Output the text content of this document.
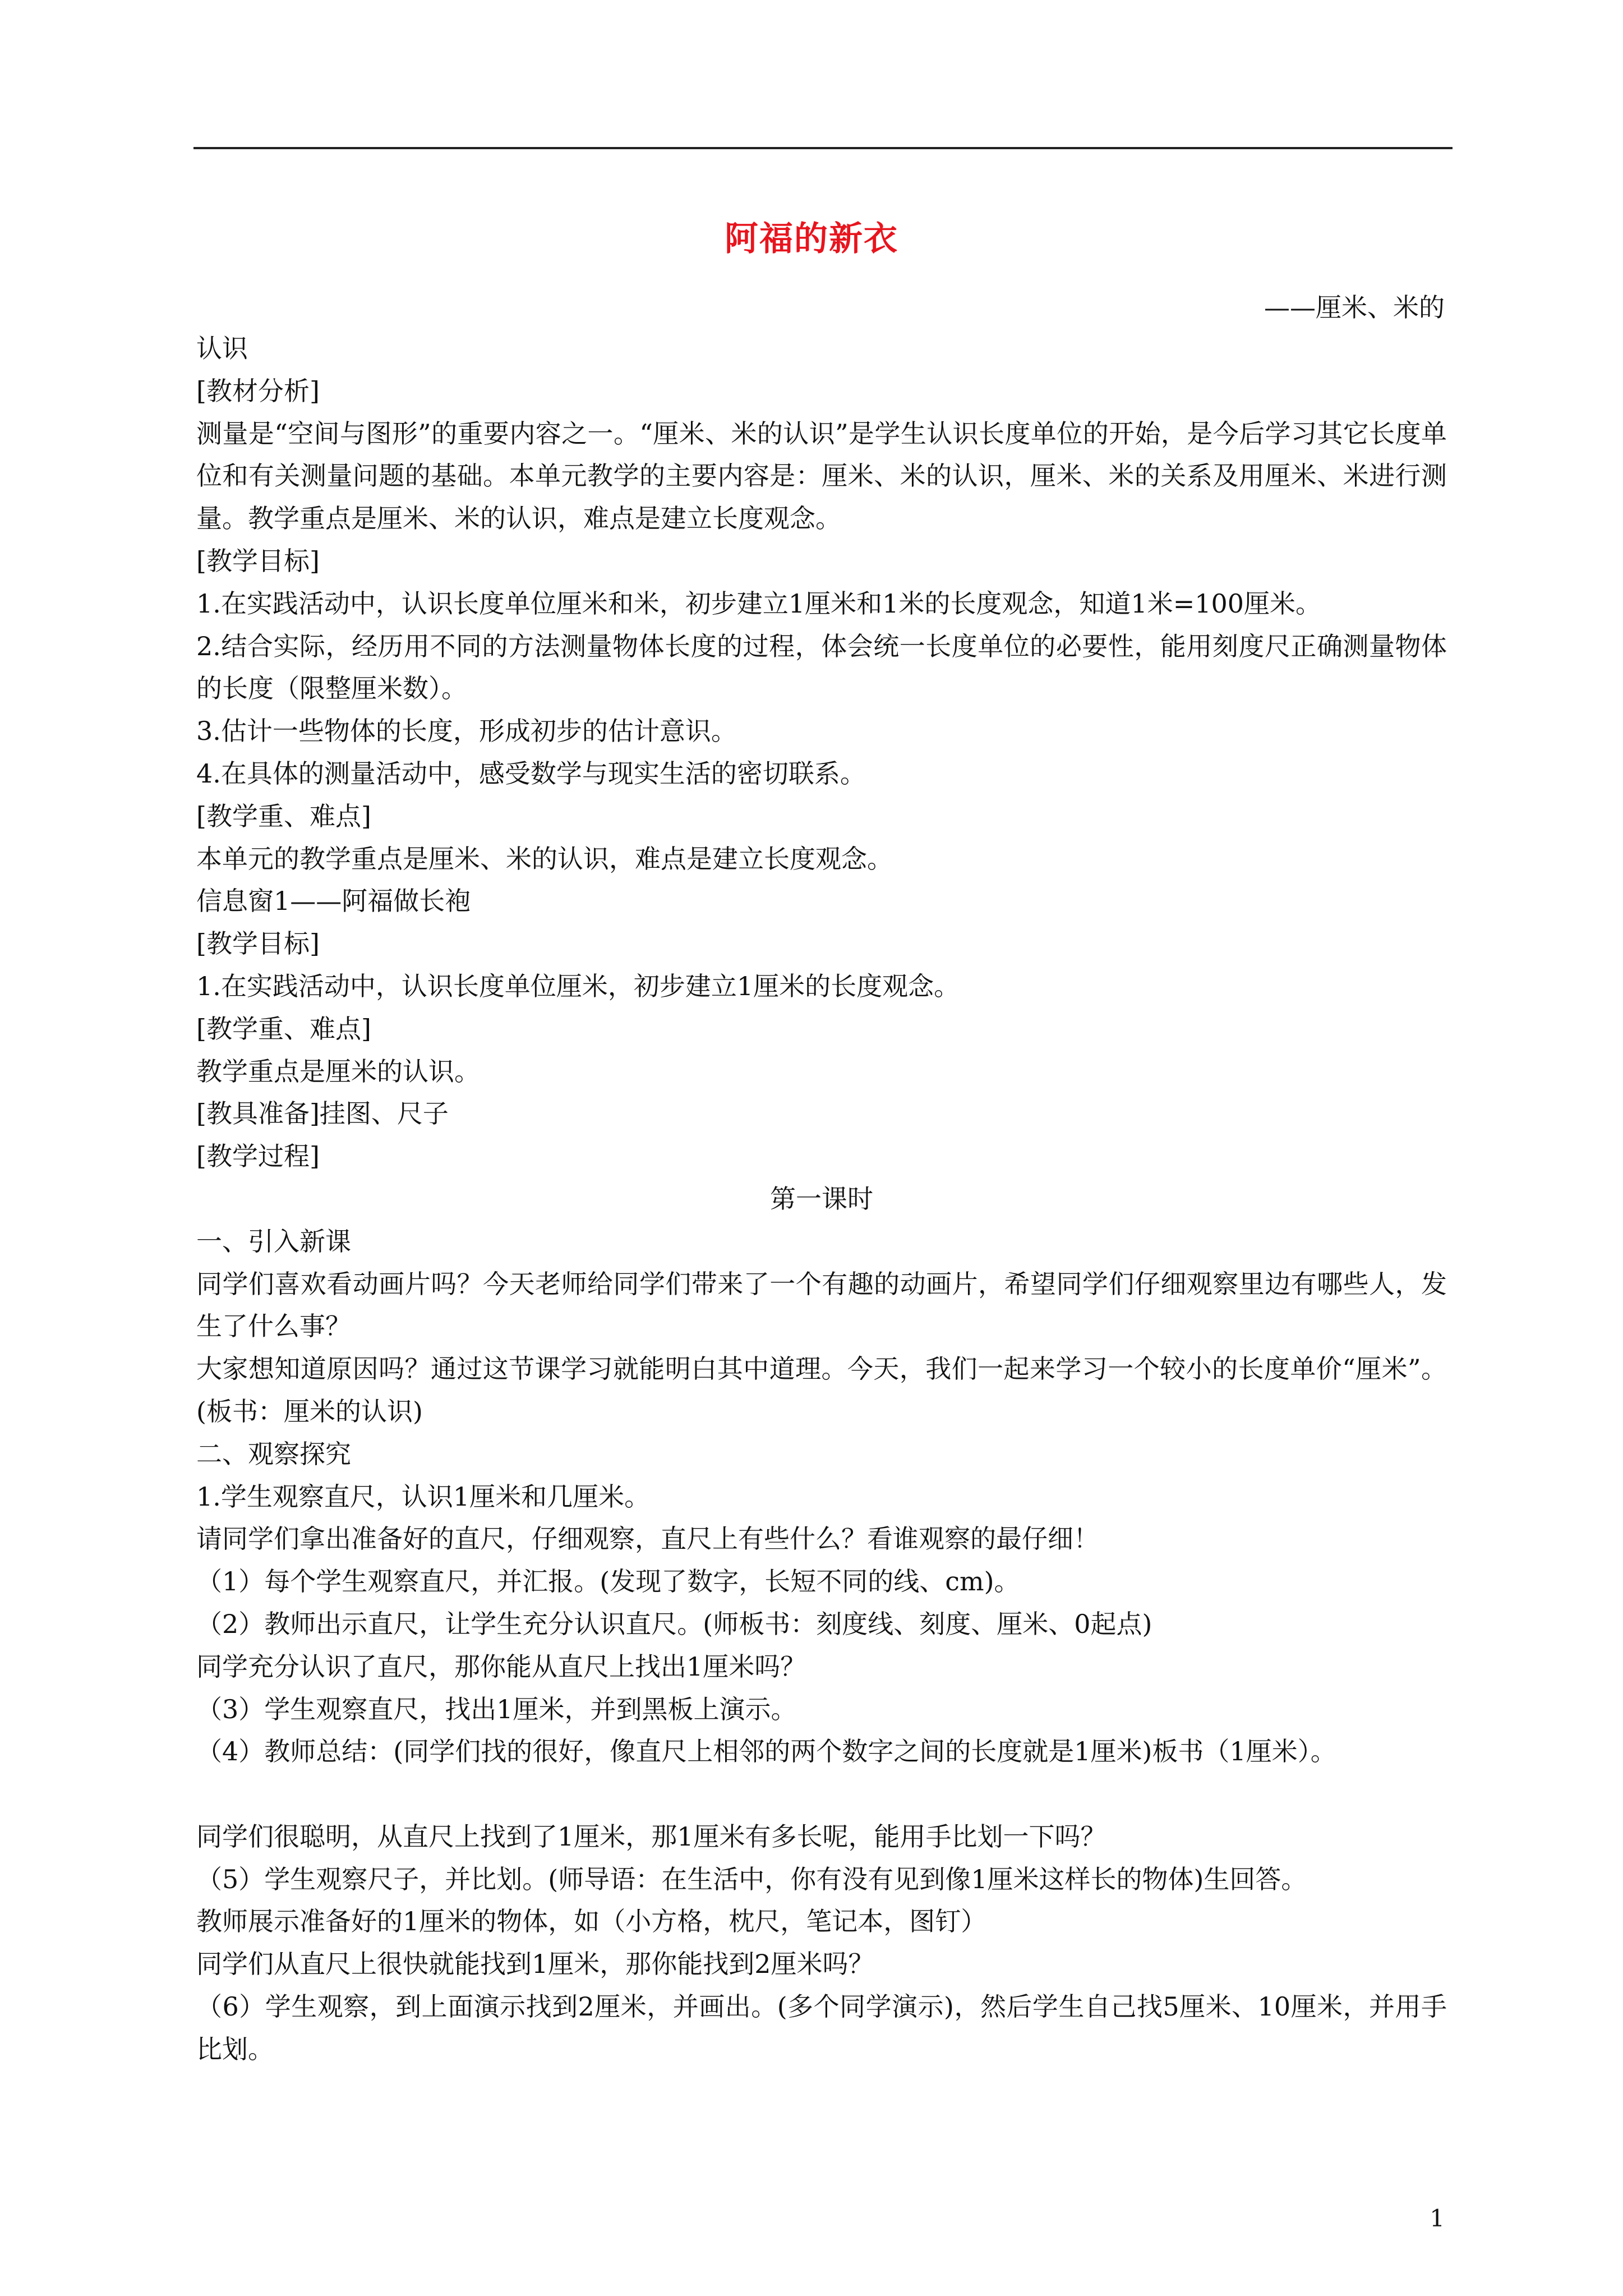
阿福的新衣
——厘米、米的
认识
[教材分析]
测量是“空间与图形”的重要内容之一。“厘米、米的认识”是学生认识长度单位的开始，是今后学习其它长度单位和有关测量问题的基础。本单元教学的主要内容是：厘米、米的认识，厘米、米的关系及用厘米、米进行测量。教学重点是厘米、米的认识，难点是建立长度观念。
[教学目标]
1.在实践活动中，认识长度单位厘米和米，初步建立1厘米和1米的长度观念，知道1米=100厘米。
2.结合实际，经历用不同的方法测量物体长度的过程，体会统一长度单位的必要性，能用刻度尺正确测量物体的长度（限整厘米数）。
3.估计一些物体的长度，形成初步的估计意识。
4.在具体的测量活动中，感受数学与现实生活的密切联系。
[教学重、难点]
本单元的教学重点是厘米、米的认识，难点是建立长度观念。
信息窗1——阿福做长袍
[教学目标]
1.在实践活动中，认识长度单位厘米，初步建立1厘米的长度观念。
[教学重、难点]
教学重点是厘米的认识。
[教具准备]挂图、尺子
[教学过程]
第一课时
一、引入新课
同学们喜欢看动画片吗？今天老师给同学们带来了一个有趣的动画片，希望同学们仔细观察里边有哪些人，发生了什么事？
大家想知道原因吗？通过这节课学习就能明白其中道理。今天，我们一起来学习一个较小的长度单价“厘米”。(板书：厘米的认识)
二、观察探究
1.学生观察直尺，认识1厘米和几厘米。
请同学们拿出准备好的直尺，仔细观察，直尺上有些什么？看谁观察的最仔细！
（1）每个学生观察直尺，并汇报。(发现了数字，长短不同的线、cm)。
（2）教师出示直尺，让学生充分认识直尺。(师板书：刻度线、刻度、厘米、0起点)
同学充分认识了直尺，那你能从直尺上找出1厘米吗？
（3）学生观察直尺，找出1厘米，并到黑板上演示。
（4）教师总结：(同学们找的很好，像直尺上相邻的两个数字之间的长度就是1厘米)板书（1厘米）。
同学们很聪明，从直尺上找到了1厘米，那1厘米有多长呢，能用手比划一下吗？
（5）学生观察尺子，并比划。(师导语：在生活中，你有没有见到像1厘米这样长的物体)生回答。
教师展示准备好的1厘米的物体，如（小方格，枕尺，笔记本，图钉）
同学们从直尺上很快就能找到1厘米，那你能找到2厘米吗？
（6）学生观察，到上面演示找到2厘米，并画出。(多个同学演示)，然后学生自己找5厘米、10厘米，并用手比划。
1
